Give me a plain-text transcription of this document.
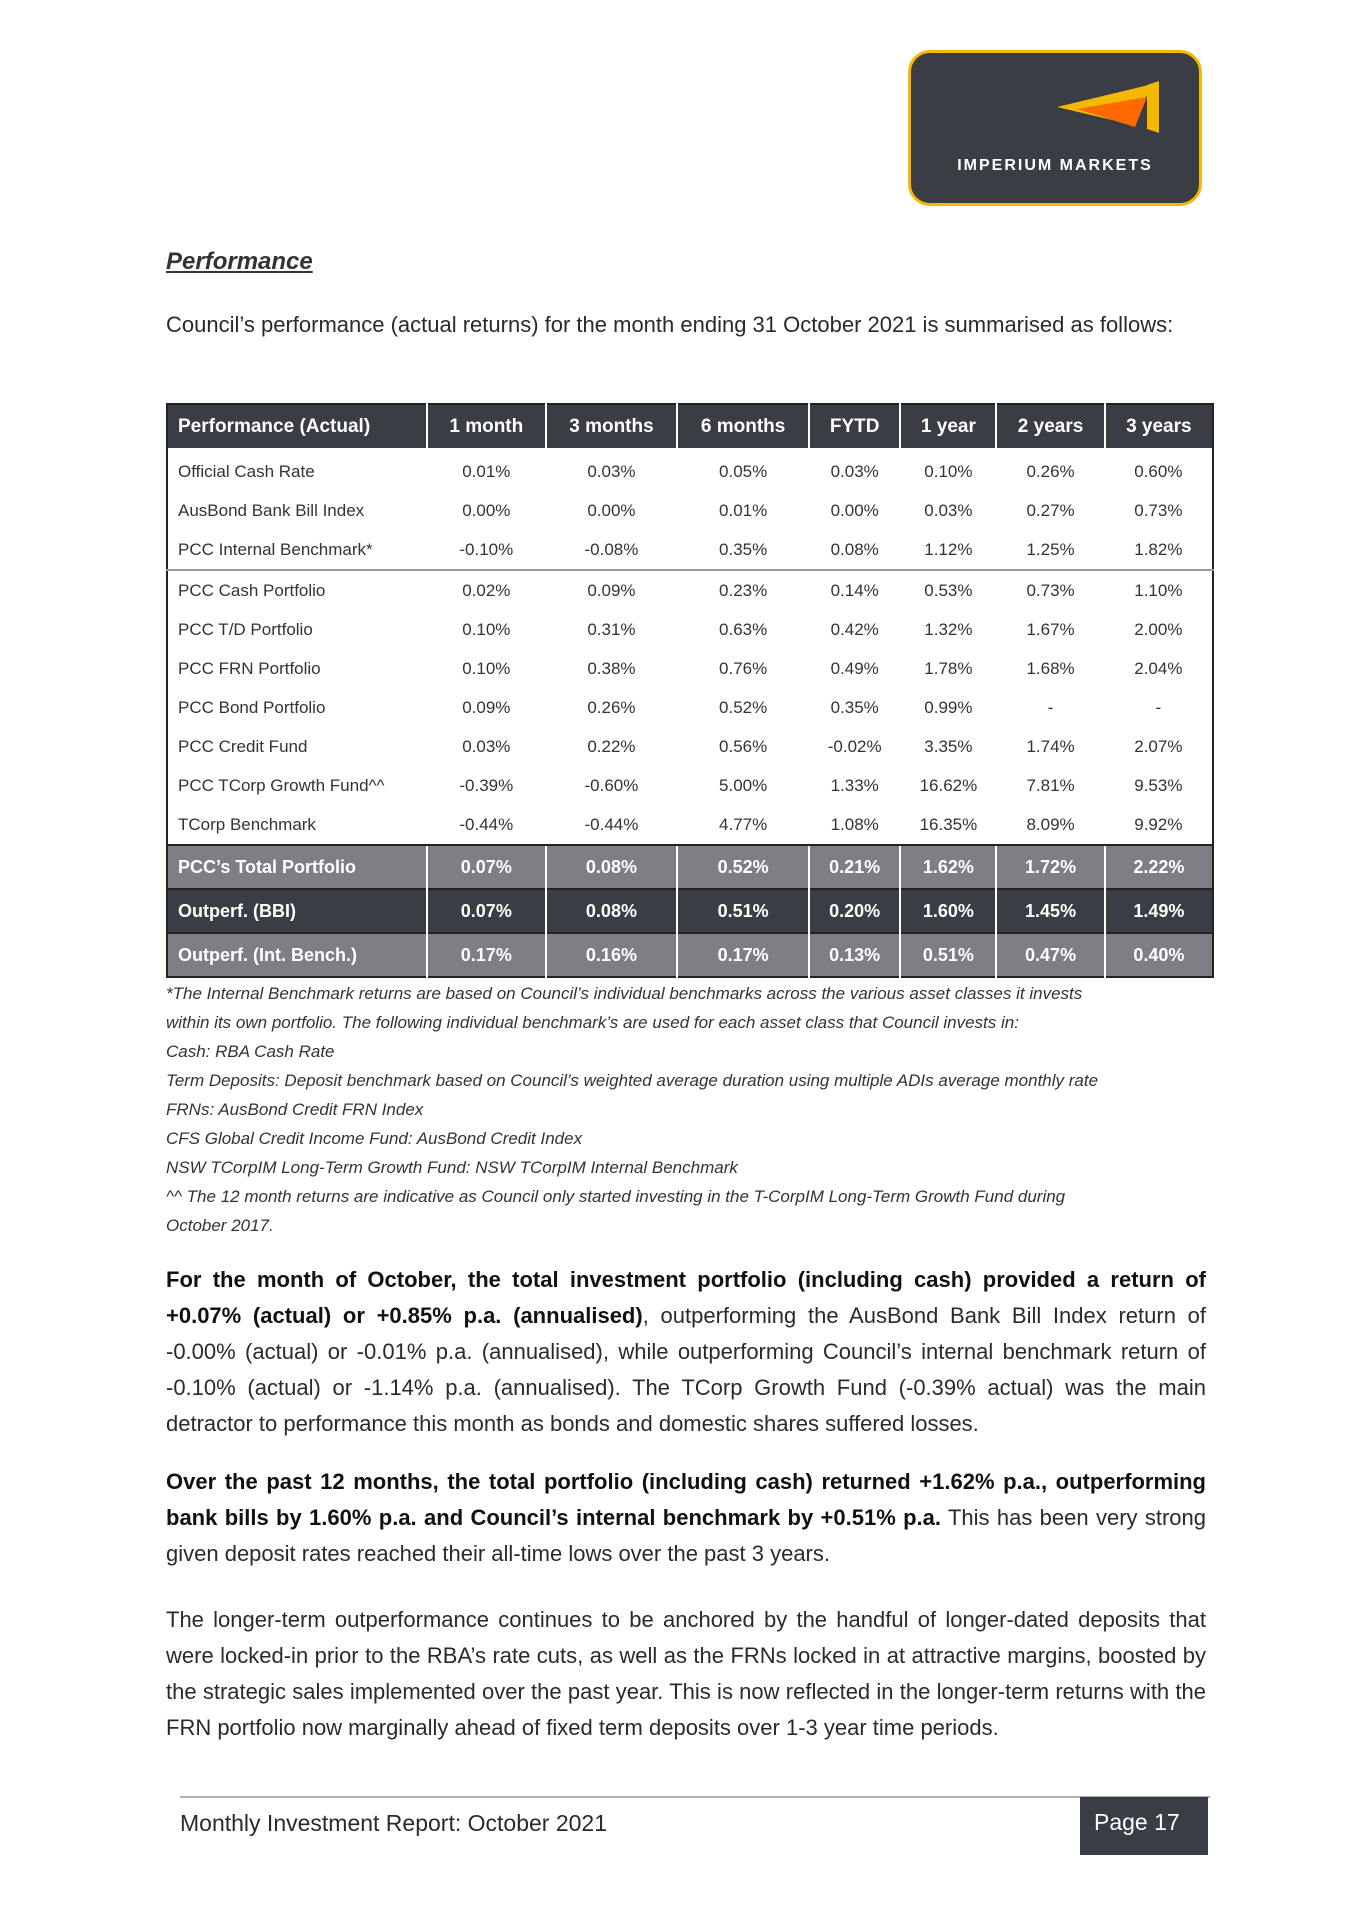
IMPERIUM MARKETS
Performance
Council’s performance (actual returns) for the month ending 31 October 2021 is summarised as follows:
Performance (Actual)	1 month	3 months	6 months	FYTD	1 year	2 years	3 years
Official Cash Rate	0.01%	0.03%	0.05%	0.03%	0.10%	0.26%	0.60%
AusBond Bank Bill Index	0.00%	0.00%	0.01%	0.00%	0.03%	0.27%	0.73%
PCC Internal Benchmark*	-0.10%	-0.08%	0.35%	0.08%	1.12%	1.25%	1.82%
PCC Cash Portfolio	0.02%	0.09%	0.23%	0.14%	0.53%	0.73%	1.10%
PCC T/D Portfolio	0.10%	0.31%	0.63%	0.42%	1.32%	1.67%	2.00%
PCC FRN Portfolio	0.10%	0.38%	0.76%	0.49%	1.78%	1.68%	2.04%
PCC Bond Portfolio	0.09%	0.26%	0.52%	0.35%	0.99%	-	-
PCC Credit Fund	0.03%	0.22%	0.56%	-0.02%	3.35%	1.74%	2.07%
PCC TCorp Growth Fund^^	-0.39%	-0.60%	5.00%	1.33%	16.62%	7.81%	9.53%
TCorp Benchmark	-0.44%	-0.44%	4.77%	1.08%	16.35%	8.09%	9.92%
PCC’s Total Portfolio	0.07%	0.08%	0.52%	0.21%	1.62%	1.72%	2.22%
Outperf. (BBI)	0.07%	0.08%	0.51%	0.20%	1.60%	1.45%	1.49%
Outperf. (Int. Bench.)	0.17%	0.16%	0.17%	0.13%	0.51%	0.47%	0.40%
*The Internal Benchmark returns are based on Council’s individual benchmarks across the various asset classes it invests
within its own portfolio. The following individual benchmark’s are used for each asset class that Council invests in:
Cash: RBA Cash Rate
Term Deposits: Deposit benchmark based on Council’s weighted average duration using multiple ADIs average monthly rate
FRNs: AusBond Credit FRN Index
CFS Global Credit Income Fund: AusBond Credit Index
NSW TCorpIM Long-Term Growth Fund: NSW TCorpIM Internal Benchmark
^^ The 12 month returns are indicative as Council only started investing in the T-CorpIM Long-Term Growth Fund during
October 2017.
For the month of October, the total investment portfolio (including cash) provided a return of +0.07% (actual) or +0.85% p.a. (annualised), outperforming the AusBond Bank Bill Index return of -0.00% (actual) or -0.01% p.a. (annualised), while outperforming Council’s internal benchmark return of -0.10% (actual) or -1.14% p.a. (annualised). The TCorp Growth Fund (-0.39% actual) was the main detractor to performance this month as bonds and domestic shares suffered losses.
Over the past 12 months, the total portfolio (including cash) returned +1.62% p.a., outperforming bank bills by 1.60% p.a. and Council’s internal benchmark by +0.51% p.a. This has been very strong given deposit rates reached their all-time lows over the past 3 years.
The longer-term outperformance continues to be anchored by the handful of longer-dated deposits that were locked-in prior to the RBA’s rate cuts, as well as the FRNs locked in at attractive margins, boosted by the strategic sales implemented over the past year. This is now reflected in the longer-term returns with the FRN portfolio now marginally ahead of fixed term deposits over 1-3 year time periods.
Monthly Investment Report: October 2021	Page 17
